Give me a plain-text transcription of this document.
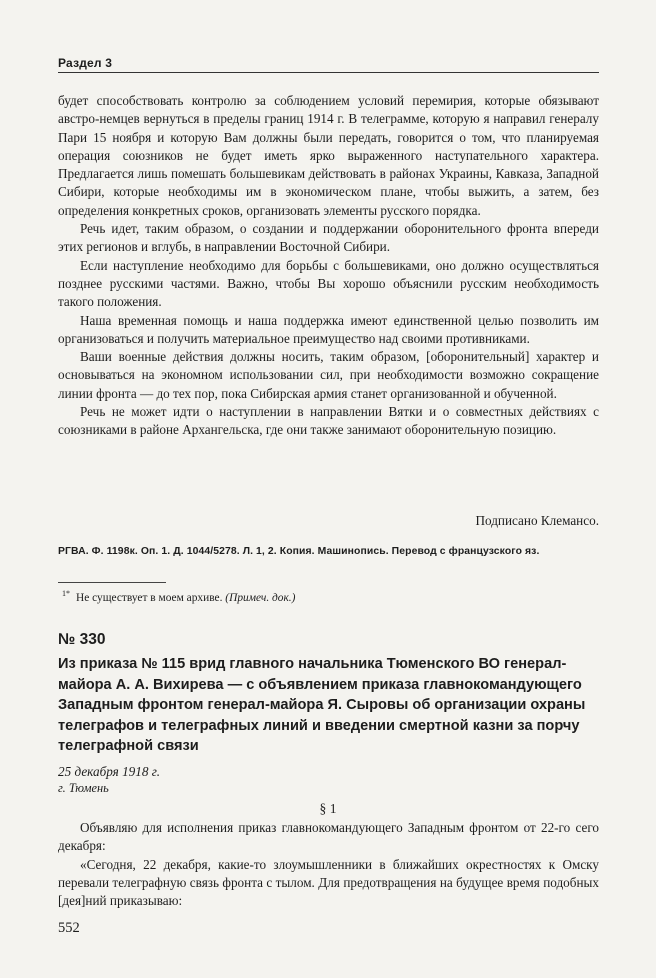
Раздел 3

будет способствовать контролю за соблюдением условий перемирия, которые обязывают австро-немцев вернуться в пределы границ 1914 г. В телеграмме, которую я направил генералу Пари 15 ноября и которую Вам должны были передать, говорится о том, что планируемая операция союзников не будет иметь ярко выраженного наступательного характера. Предлагается лишь помешать большевикам действовать в районах Украины, Кавказа, Западной Сибири, которые необходимы им в экономическом плане, чтобы выжить, а затем, без определения конкретных сроков, организовать элементы русского порядка.

Речь идет, таким образом, о создании и поддержании оборонительного фронта впереди этих регионов и вглубь, в направлении Восточной Сибири.

Если наступление необходимо для борьбы с большевиками, оно должно осуществляться позднее русскими частями. Важно, чтобы Вы хорошо объяснили русским необходимость такого положения.

Наша временная помощь и наша поддержка имеют единственной целью позволить им организоваться и получить материальное преимущество над своими противниками.

Ваши военные действия должны носить, таким образом, [оборонительный] характер и основываться на экономном использовании сил, при необходимости возможно сокращение линии фронта — до тех пор, пока Сибирская армия станет организованной и обученной.

Речь не может идти о наступлении в направлении Вятки и о совместных действиях с союзниками в районе Архангельска, где они также занимают оборонительную позицию.

Подписано Клемансо.
РГВА. Ф. 1198к. Оп. 1. Д. 1044/5278. Л. 1, 2. Копия. Машинопись. Перевод с французского яз.
$^{1*}$ Не существует в моем архиве. (Примеч. док.)
№ 330
Из приказа № 115 врид главного начальника Тюменского ВО генерал-майора А. А. Вихирева — с объявлением приказа главнокомандующего Западным фронтом генерал-майора Я. Сыровы об организации охраны телеграфов и телеграфных линий и введении смертной казни за порчу телеграфной связи
25 декабря 1918 г.
г. Тюмень
§ 1

Объявляю для исполнения приказ главнокомандующего Западным фронтом от 22-го сего декабря:

«Сегодня, 22 декабря, какие-то злоумышленники в ближайших окрестностях к Омску перевали телеграфную связь фронта с тылом. Для предотвращения на будущее время подобных [дея]ний приказываю:

552
